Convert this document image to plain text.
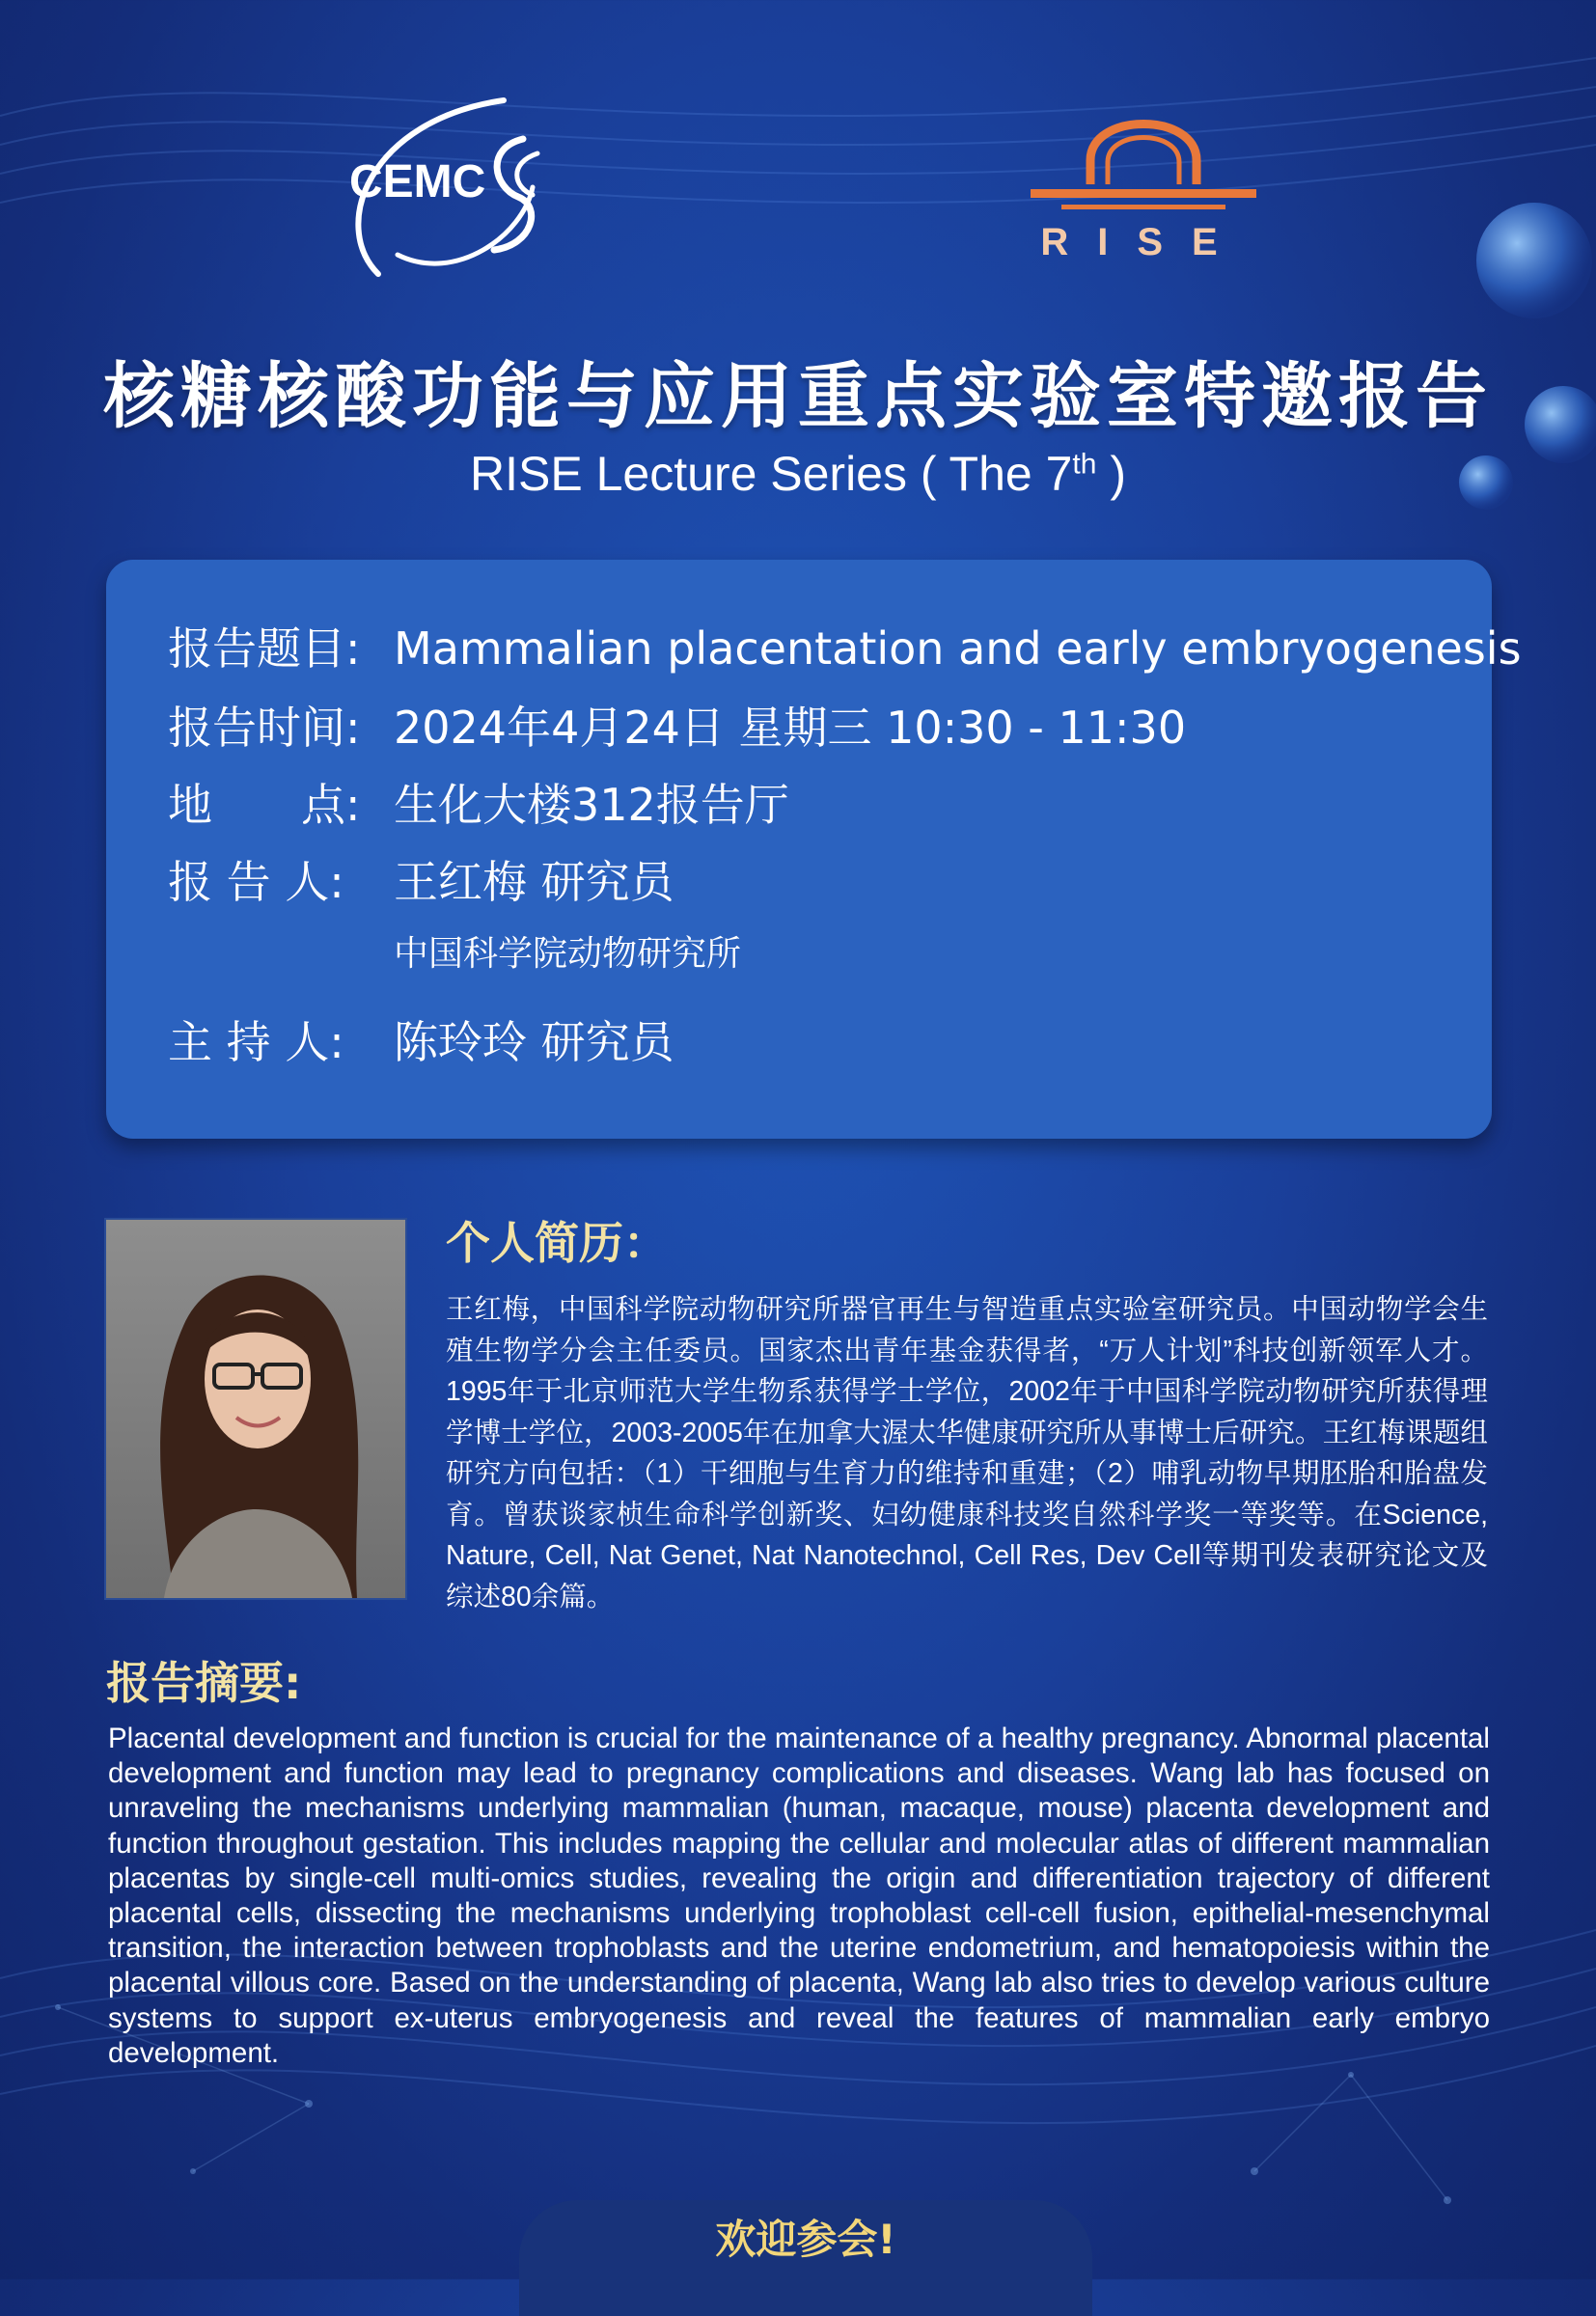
CEMC
RISE
核糖核酸功能与应用重点实验室特邀报告
RISE Lecture Series ( The 7th )
报告题目: Mammalian placentation and early embryogenesis
报告时间: 2024年4月24日 星期三 10:30 - 11:30
地　　点: 生化大楼312报告厅
报 告 人: 王红梅 研究员
中国科学院动物研究所
主 持 人: 陈玲玲 研究员
个人简历：
王红梅，中国科学院动物研究所器官再生与智造重点实验室研究员。中国动物学会生殖生物学分会主任委员。国家杰出青年基金获得者，“万人计划”科技创新领军人才。1995年于北京师范大学生物系获得学士学位，2002年于中国科学院动物研究所获得理学博士学位，2003-2005年在加拿大渥太华健康研究所从事博士后研究。王红梅课题组研究方向包括：（1）干细胞与生育力的维持和重建；（2）哺乳动物早期胚胎和胎盘发育。曾获谈家桢生命科学创新奖、妇幼健康科技奖自然科学奖一等奖等。在Science, Nature, Cell, Nat Genet, Nat Nanotechnol, Cell Res, Dev Cell等期刊发表研究论文及综述80余篇。
报告摘要:
Placental development and function is crucial for the maintenance of a healthy pregnancy. Abnormal placental development and function may lead to pregnancy complications and diseases. Wang lab has focused on unraveling the mechanisms underlying mammalian (human, macaque, mouse) placenta development and function throughout gestation. This includes mapping the cellular and molecular atlas of different mammalian placentas by single-cell multi-omics studies, revealing the origin and differentiation trajectory of different placental cells, dissecting the mechanisms underlying trophoblast cell-cell fusion, epithelial-mesenchymal transition, the interaction between trophoblasts and the uterine endometrium, and hematopoiesis within the placental villous core. Based on the understanding of placenta, Wang lab also tries to develop various culture systems to support ex-uterus embryogenesis and reveal the features of mammalian early embryo development.
欢迎参会!
